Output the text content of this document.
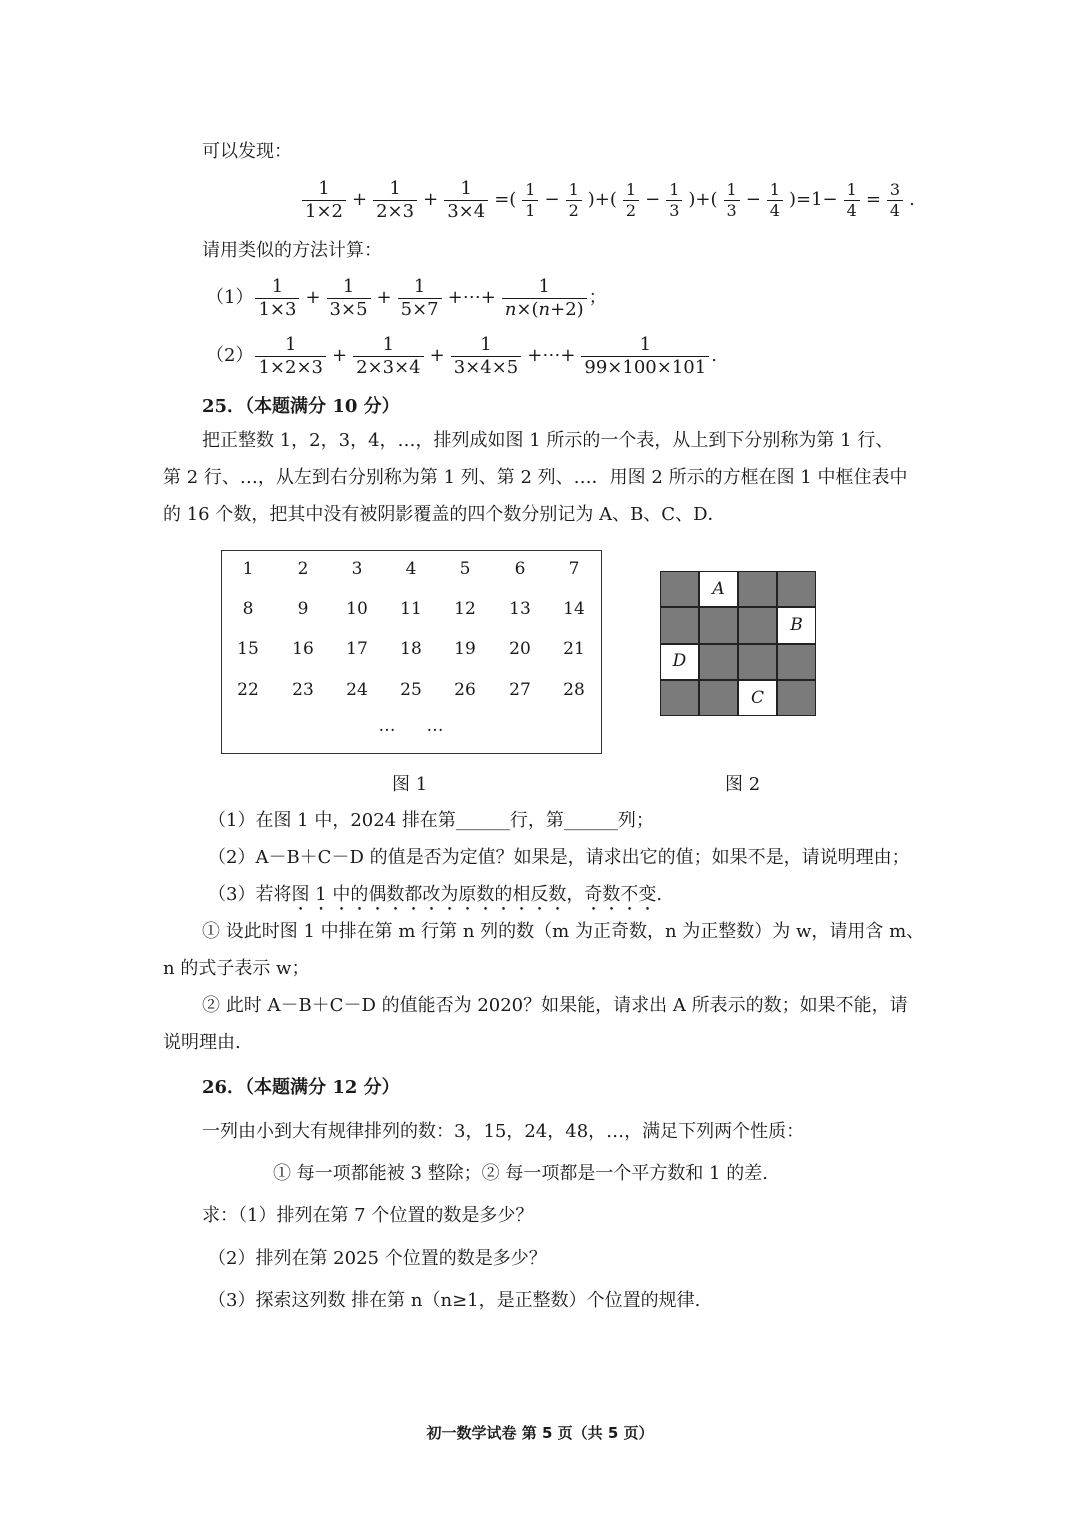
可以发现：
$\frac{1}{1\times 2} + \frac{1}{2\times 3} + \frac{1}{3\times 4}$ =( $\frac{1}{1} - \frac{1}{2}$ )+( $\frac{1}{2} - \frac{1}{3}$ )+( $\frac{1}{3} - \frac{1}{4} )=1- \frac{1}{4} = \frac{3}{4}$ .
请用类似的方法计算：
$(1) \frac{1}{1\times 3} + \frac{1}{3\times 5} + \frac{1}{5\times 7}$ +⋯+ $\frac{1}{n\times(n+2)}$ ；
$(2) \frac{1}{1\times 2\times 3} + \frac{1}{2\times 3\times 4} + \frac{1}{3\times 4\times 5}$ +⋯+ $\frac{1}{99\times 100\times 101}$ .
25．（本题满分 10 分）
把正整数 1，2，3，4，…，排列成如图 1 所示的一个表，从上到下分别称为第 1 行、
第 2 行、…，从左到右分别称为第 1 列、第 2 列、…．用图 2 所示的方框在图 1 中框住表中
的 16 个数，把其中没有被阴影覆盖的四个数分别记为 A、B、C、D．
1	2	3	4	5	6	7
8	9	10	11	12	13	14
15	16	17	18	19	20	21
22	23	24	25	26	27	28
…	…
A
B
D
C
图 1	图 2
（1）在图 1 中，2024 排在第______行，第______列；
（2）A－B＋C－D 的值是否为定值？如果是，请求出它的值；如果不是，请说明理由；
（3）若将图 1 中的偶数都改为原数的相反数，奇数不变.
① 设此时图 1 中排在第 m 行第 n 列的数（m 为正奇数，n 为正整数）为 w，请用含 m、
n 的式子表示 w；
② 此时 A－B＋C－D 的值能否为 2020？如果能，请求出 A 所表示的数；如果不能，请
说明理由.
26．（本题满分 12 分）
一列由小到大有规律排列的数：3，15，24，48，…，满足下列两个性质：
① 每一项都能被 3 整除；② 每一项都是一个平方数和 1 的差.
求：（1）排列在第 7 个位置的数是多少？
（2）排列在第 2025 个位置的数是多少？
（3）探索这列数 排在第 n（n≥1，是正整数）个位置的规律.
初一数学试卷 第 5 页（共 5 页）
